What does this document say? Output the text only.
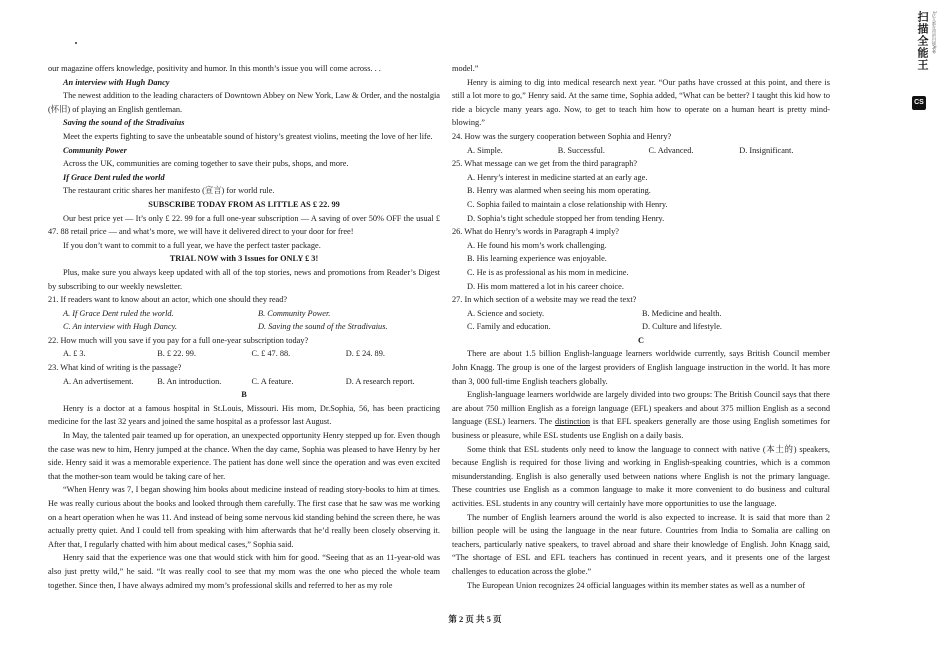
扫描全能王 3亿人都在用的扫描App
CS

our magazine offers knowledge, positivity and humor. In this month’s issue you will come across. . .

An interview with Hugh Dancy

The newest addition to the leading characters of Downtown Abbey on New York, Law & Order, and the nostalgia (怀旧) of playing an English gentleman.

Saving the sound of the Stradivaius

Meet the experts fighting to save the unbeatable sound of history’s greatest violins, meeting the love of her life.

Community Power

Across the UK, communities are coming together to save their pubs, shops, and more.

If Grace Dent ruled the world

The restaurant critic shares her manifesto (宣言) for world rule.

SUBSCRIBE TODAY FROM AS LITTLE AS £ 22. 99

Our best price yet — It’s only £ 22. 99 for a full one-year subscription — A saving of over 50% OFF the usual £ 47. 88 retail price — and what’s more, we will have it delivered direct to your door for free!

If you don’t want to commit to a full year, we have the perfect taster package.

TRIAL NOW with 3 Issues for ONLY £ 3!

Plus, make sure you always keep updated with all of the top stories, news and promotions from Reader’s Digest by subscribing to our weekly newsletter.

21. If readers want to know about an actor, which one should they read?

A. If Grace Dent ruled the world.	B. Community Power.
C. An interview with Hugh Dancy.	D. Saving the sound of the Stradivaius.

22. How much will you save if you pay for a full one-year subscription today?

A. £ 3.	B. £ 22. 99.	C. £ 47. 88.	D. £ 24. 89.

23. What kind of writing is the passage?

A. An advertisement.	B. An introduction.	C. A feature.	D. A research report.

B

Henry is a doctor at a famous hospital in St.Louis, Missouri. His mom, Dr.Sophia, 56, has been practicing medicine for the last 32 years and joined the same hospital as a professor last August.

In May, the talented pair teamed up for operation, an unexpected opportunity Henry stepped up for. Even though the case was new to him, Henry jumped at the chance. When the day came, Sophia was pleased to have Henry by her side. Henry said it was a memorable experience. The patient has done well since the operation and was even excited that the mother-son team would be taking care of her.

“When Henry was 7, I began showing him books about medicine instead of reading story-books to him at times. He was really curious about the books and looked through them carefully. The first case that he saw was me working on a heart operation when he was 11. And instead of being some nervous kid standing behind the screen there, he was actually pretty quiet. And I could tell from speaking with him afterwards that he’d really been closely observing it. After that, I regularly chatted with him about medical cases,” Sophia said.

Henry said that the experience was one that would stick with him for good. “Seeing that as an 11-year-old was also just pretty wild,” he said. “It was really cool to see that my mom was the one who pieced the whole team together. Since then, I have always admired my mom’s professional skills and referred to her as my role

model.”

Henry is aiming to dig into medical research next year. “Our paths have crossed at this point, and there is still a lot more to go,” Henry said. At the same time, Sophia added, “What can be better? I taught this kid how to ride a bicycle many years ago. Now, to get to teach him how to operate on a human heart is pretty mind-blowing.”

24. How was the surgery cooperation between Sophia and Henry?

A. Simple.	B. Successful.	C. Advanced.	D. Insignificant.

25. What message can we get from the third paragraph?

A. Henry’s interest in medicine started at an early age.

B. Henry was alarmed when seeing his mom operating.

C. Sophia failed to maintain a close relationship with Henry.

D. Sophia’s tight schedule stopped her from tending Henry.

26. What do Henry’s words in Paragraph 4 imply?

A. He found his mom’s work challenging.

B. His learning experience was enjoyable.

C. He is as professional as his mom in medicine.

D. His mom mattered a lot in his career choice.

27. In which section of a website may we read the text?

A. Science and society.	B. Medicine and health.
C. Family and education.	D. Culture and lifestyle.

C

There are about 1.5 billion English-language learners worldwide currently, says British Council member John Knagg. The group is one of the largest providers of English language instruction in the world. It has more than 3, 000 full-time English teachers globally.

English-language learners worldwide are largely divided into two groups: The British Council says that there are about 750 million English as a foreign language (EFL) speakers and about 375 million English as a second language (ESL) learners. The distinction is that EFL speakers generally are those using English sometimes for business or pleasure, while ESL students use English on a daily basis.

Some think that ESL students only need to know the language to connect with native (本土的) speakers, because English is required for those living and working in English-speaking countries, which is a common misunderstanding. English is also generally used between nations where English is not the primary language. These countries use English as a common language to make it more convenient to do business and cultural activities. ESL students in any country will certainly have more opportunities to use the language.

The number of English learners around the world is also expected to increase. It is said that more than 2 billion people will be using the language in the near future. Countries from India to Somalia are calling on teachers, particularly native speakers, to travel abroad and share their knowledge of English. John Knagg said, “The shortage of ESL and EFL teachers has continued in recent years, and it presents one of the largest challenges to education across the globe.”

The European Union recognizes 24 official languages within its member states as well as a number of

第 2 页 共 5 页
